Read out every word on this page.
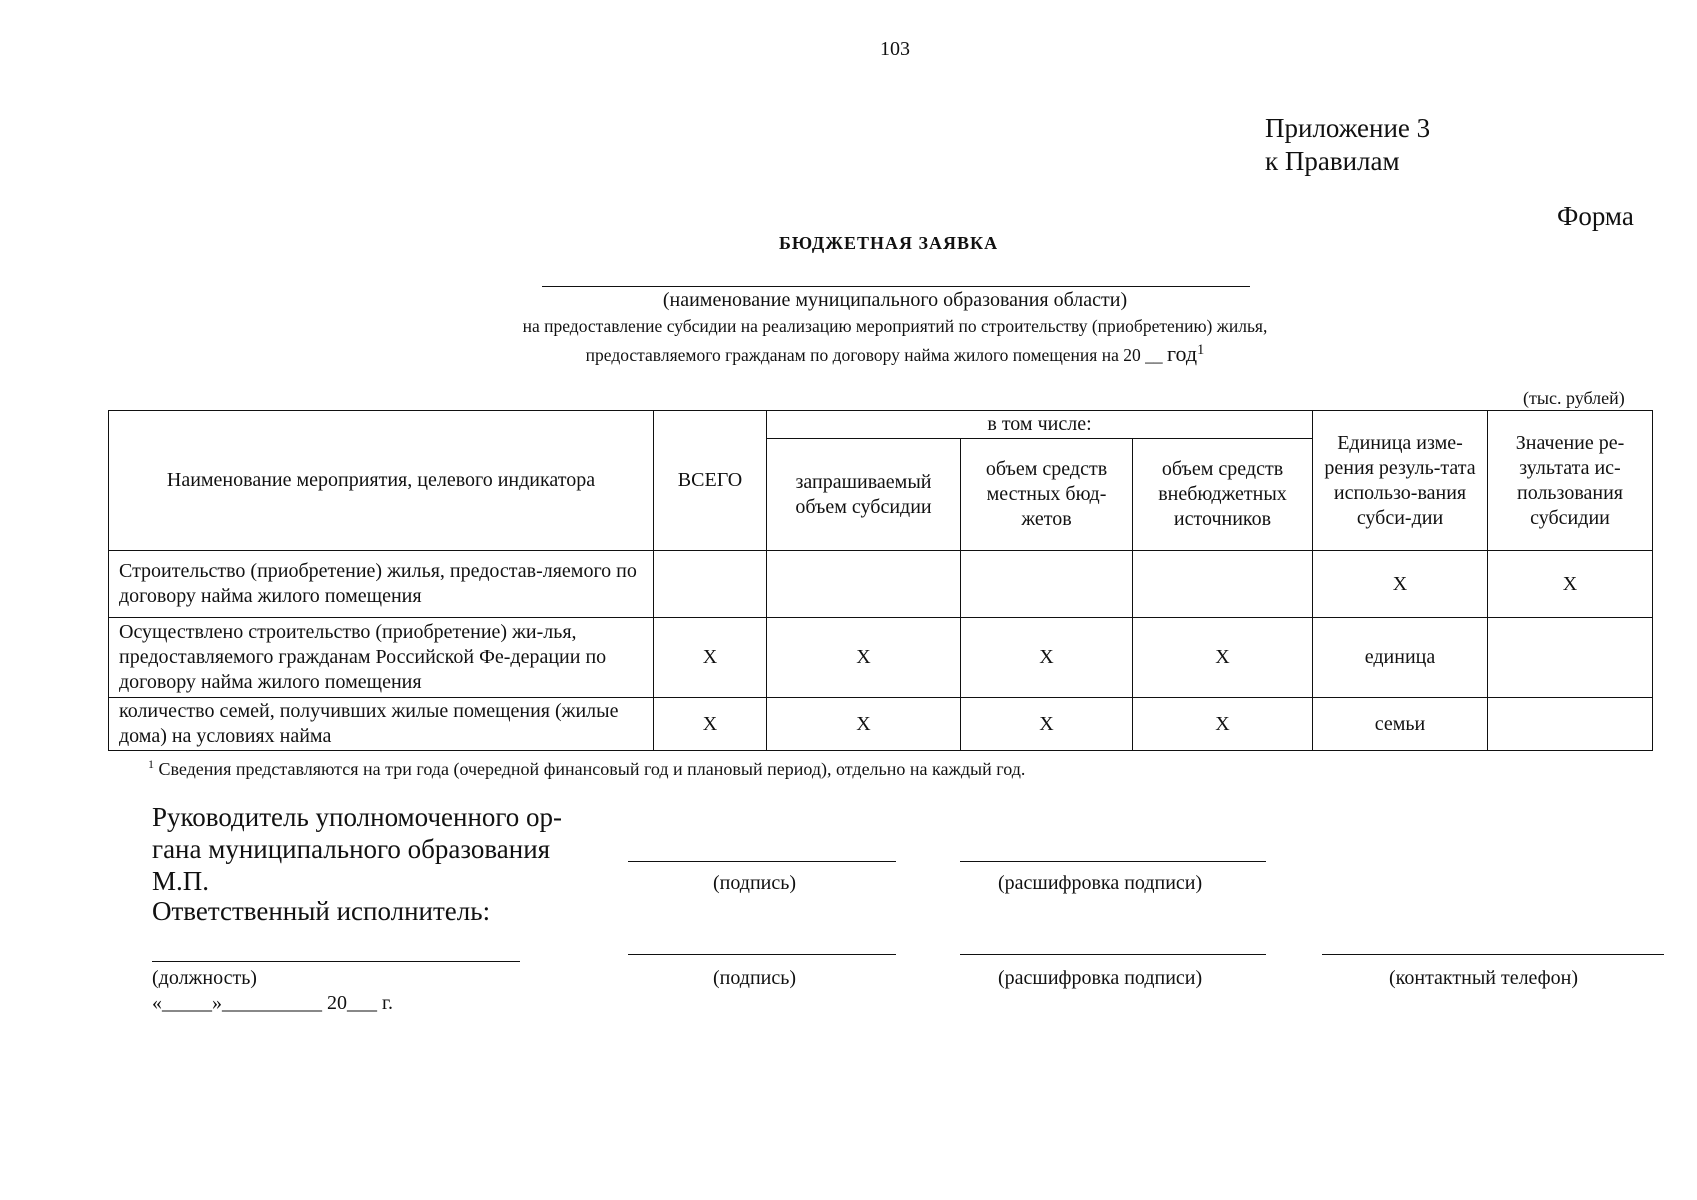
103
Приложение 3
к Правилам
Форма
БЮДЖЕТНАЯ ЗАЯВКА
(наименование муниципального образования области)
на предоставление субсидии на реализацию мероприятий по строительству (приобретению) жилья,
предоставляемого гражданам по договору найма жилого помещения на 20 __ год$^1$
(тыс. рублей)
Наименование мероприятия, целевого индикатора	ВСЕГО	в том числе:			Единица изме-рения резуль-тата использо-вания субси-дии	Значение ре-зультата ис-пользования субсидии
		запрашиваемый объем субсидии	объем средств местных бюд-жетов	объем средств внебюджетных источников		
Строительство (приобретение) жилья, предостав-ляемого по договору найма жилого помещения					Х	Х
Осуществлено строительство (приобретение) жи-лья, предоставляемого гражданам Российской Фе-дерации по договору найма жилого помещения	Х	Х	Х	Х	единица	
количество семей, получивших жилые помещения (жилые дома) на условиях найма	Х	Х	Х	Х	семьи	
$^1$ Сведения представляются на три года (очередной финансовый год и плановый период), отдельно на каждый год.
Руководитель уполномоченного ор-
гана муниципального образования
М.П.	(подпись)	(расшифровка подписи)
Ответственный исполнитель:
(должность)	(подпись)	(расшифровка подписи)	(контактный телефон)
«_____»__________ 20___ г.
